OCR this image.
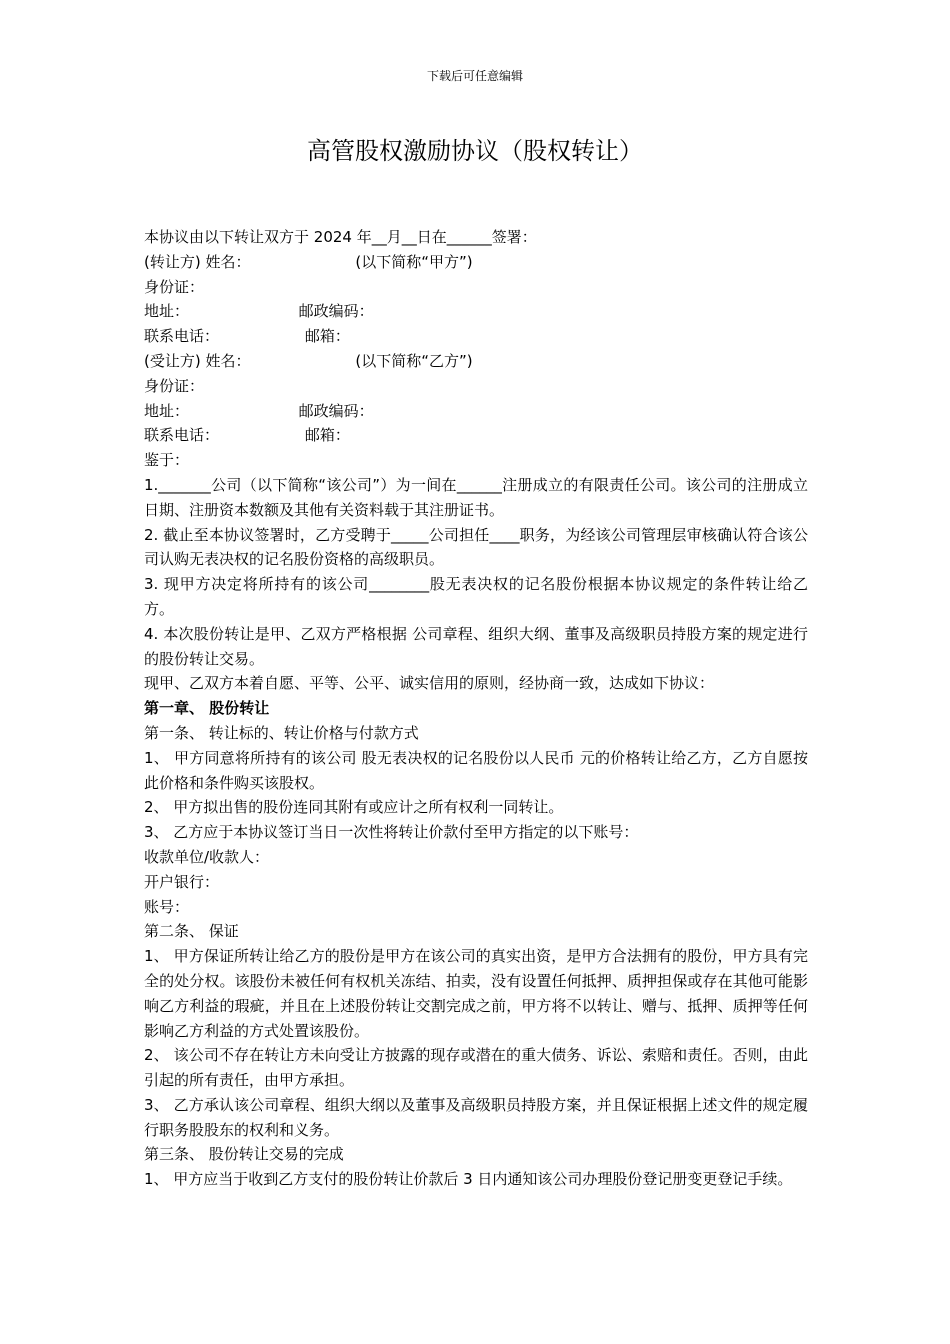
下载后可任意编辑
高管股权激励协议（股权转让）

本协议由以下转让双方于 2024 年__月__日在______签署：

(转让方) 姓名：                      (以下简称“甲方”)

身份证：

地址：                       邮政编码：

联系电话：                  邮箱：

(受让方) 姓名：                      (以下简称“乙方”)

身份证：

地址：                       邮政编码：

联系电话：                  邮箱：

鉴于：

1._______公司（以下简称“该公司”）为一间在______注册成立的有限责任公司。该公司的注册成立日期、注册资本数额及其他有关资料载于其注册证书。

2. 截止至本协议签署时，乙方受聘于_____公司担任____职务，为经该公司管理层审核确认符合该公司认购无表决权的记名股份资格的高级职员。

3. 现甲方决定将所持有的该公司________股无表决权的记名股份根据本协议规定的条件转让给乙方。

4. 本次股份转让是甲、乙双方严格根据 公司章程、组织大纲、董事及高级职员持股方案的规定进行的股份转让交易。

现甲、乙双方本着自愿、平等、公平、诚实信用的原则，经协商一致，达成如下协议：

第一章、 股份转让

第一条、 转让标的、转让价格与付款方式

1、 甲方同意将所持有的该公司 股无表决权的记名股份以人民币 元的价格转让给乙方，乙方自愿按此价格和条件购买该股权。

2、 甲方拟出售的股份连同其附有或应计之所有权利一同转让。

3、 乙方应于本协议签订当日一次性将转让价款付至甲方指定的以下账号：

收款单位/收款人：

开户银行：

账号：

第二条、 保证

1、 甲方保证所转让给乙方的股份是甲方在该公司的真实出资，是甲方合法拥有的股份，甲方具有完全的处分权。该股份未被任何有权机关冻结、拍卖，没有设置任何抵押、质押担保或存在其他可能影响乙方利益的瑕疵，并且在上述股份转让交割完成之前，甲方将不以转让、赠与、抵押、质押等任何影响乙方利益的方式处置该股份。

2、 该公司不存在转让方未向受让方披露的现存或潜在的重大债务、诉讼、索赔和责任。否则，由此引起的所有责任，由甲方承担。

3、 乙方承认该公司章程、组织大纲以及董事及高级职员持股方案，并且保证根据上述文件的规定履行职务股股东的权利和义务。

第三条、 股份转让交易的完成

1、 甲方应当于收到乙方支付的股份转让价款后 3 日内通知该公司办理股份登记册变更登记手续。
